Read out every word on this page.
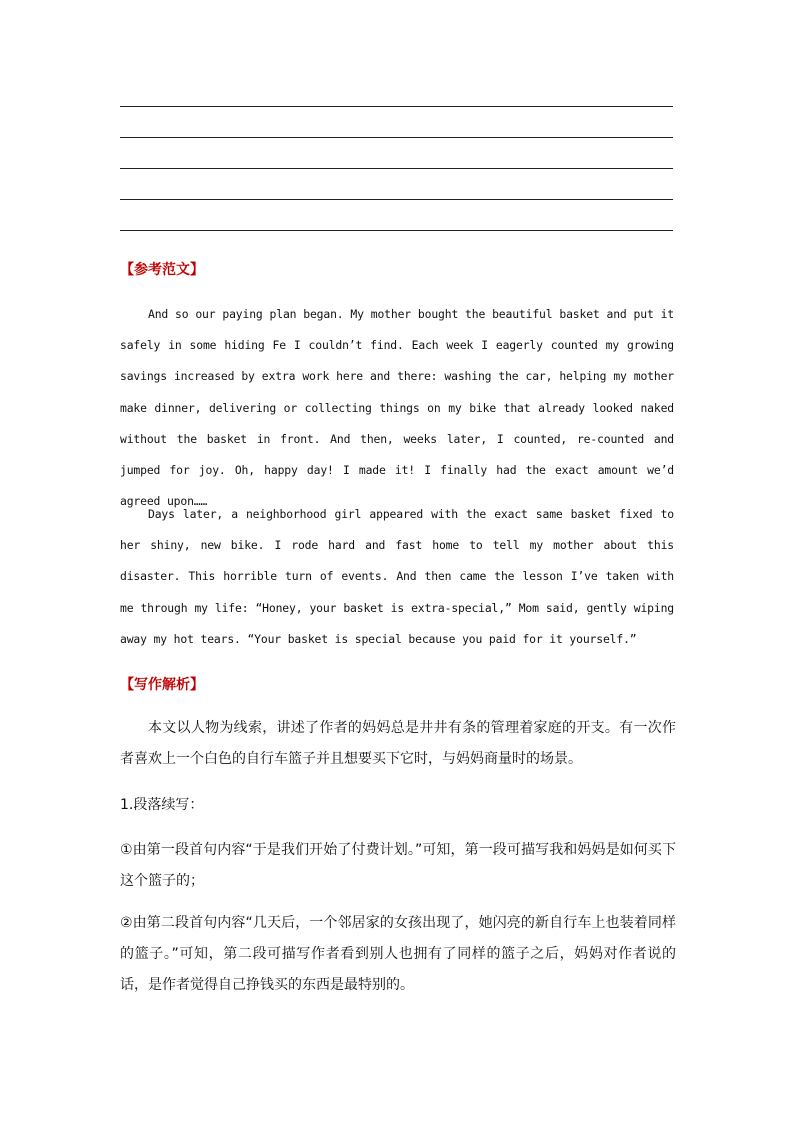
【参考范文】

And so our paying plan began. My mother bought the beautiful basket and put it safely in some hiding Fe I couldn’t find. Each week I eagerly counted my growing savings increased by extra work here and there: washing the car, helping my mother make dinner, delivering or collecting things on my bike that already looked naked without the basket in front. And then, weeks later, I counted, re-counted and jumped for joy. Oh, happy day! I made it! I finally had the exact amount we’d agreed upon……

Days later, a neighborhood girl appeared with the exact same basket fixed to her shiny, new bike. I rode hard and fast home to tell my mother about this disaster. This horrible turn of events. And then came the lesson I’ve taken with me through my life: “Honey, your basket is extra-special,” Mom said, gently wiping away my hot tears. “Your basket is special because you paid for it yourself.”

【写作解析】

本文以人物为线索，讲述了作者的妈妈总是井井有条的管理着家庭的开支。有一次作者喜欢上一个白色的自行车篮子并且想要买下它时，与妈妈商量时的场景。

1.段落续写：

①由第一段首句内容“于是我们开始了付费计划。”可知，第一段可描写我和妈妈是如何买下这个篮子的；

②由第二段首句内容“几天后，一个邻居家的女孩出现了，她闪亮的新自行车上也装着同样的篮子。”可知，第二段可描写作者看到别人也拥有了同样的篮子之后，妈妈对作者说的话，是作者觉得自己挣钱买的东西是最特别的。
